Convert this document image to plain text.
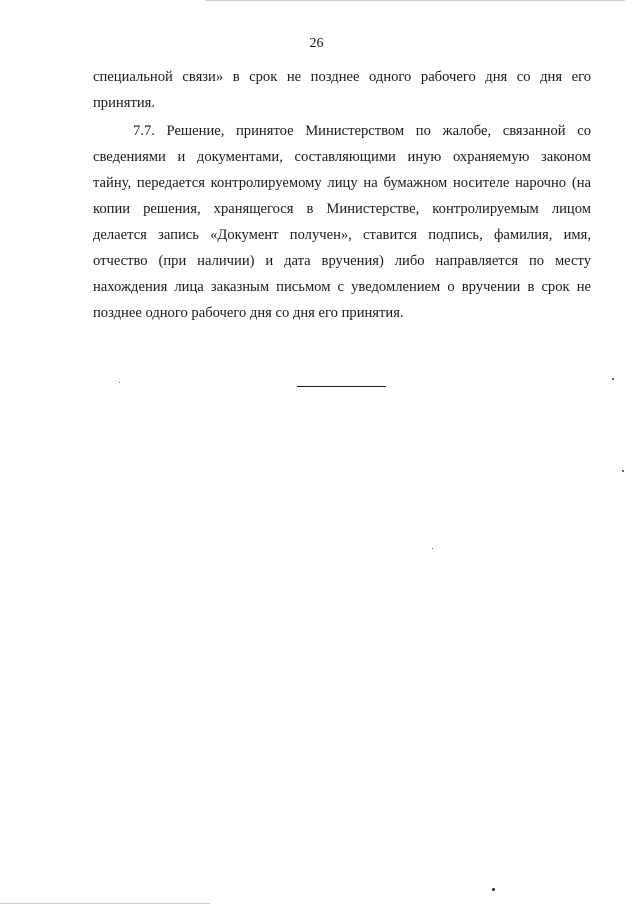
26
специальной связи» в срок не позднее одного рабочего дня со дня его
принятия.
7.7. Решение, принятое Министерством по жалобе, связанной со
сведениями и документами, составляющими иную охраняемую законом
тайну, передается контролируемому лицу на бумажном носителе нарочно (на
копии решения, хранящегося в Министерстве, контролируемым лицом
делается запись «Документ получен», ставится подпись, фамилия, имя,
отчество (при наличии) и дата вручения) либо направляется по месту
нахождения лица заказным письмом с уведомлением о вручении в срок не
позднее одного рабочего дня со дня его принятия.
